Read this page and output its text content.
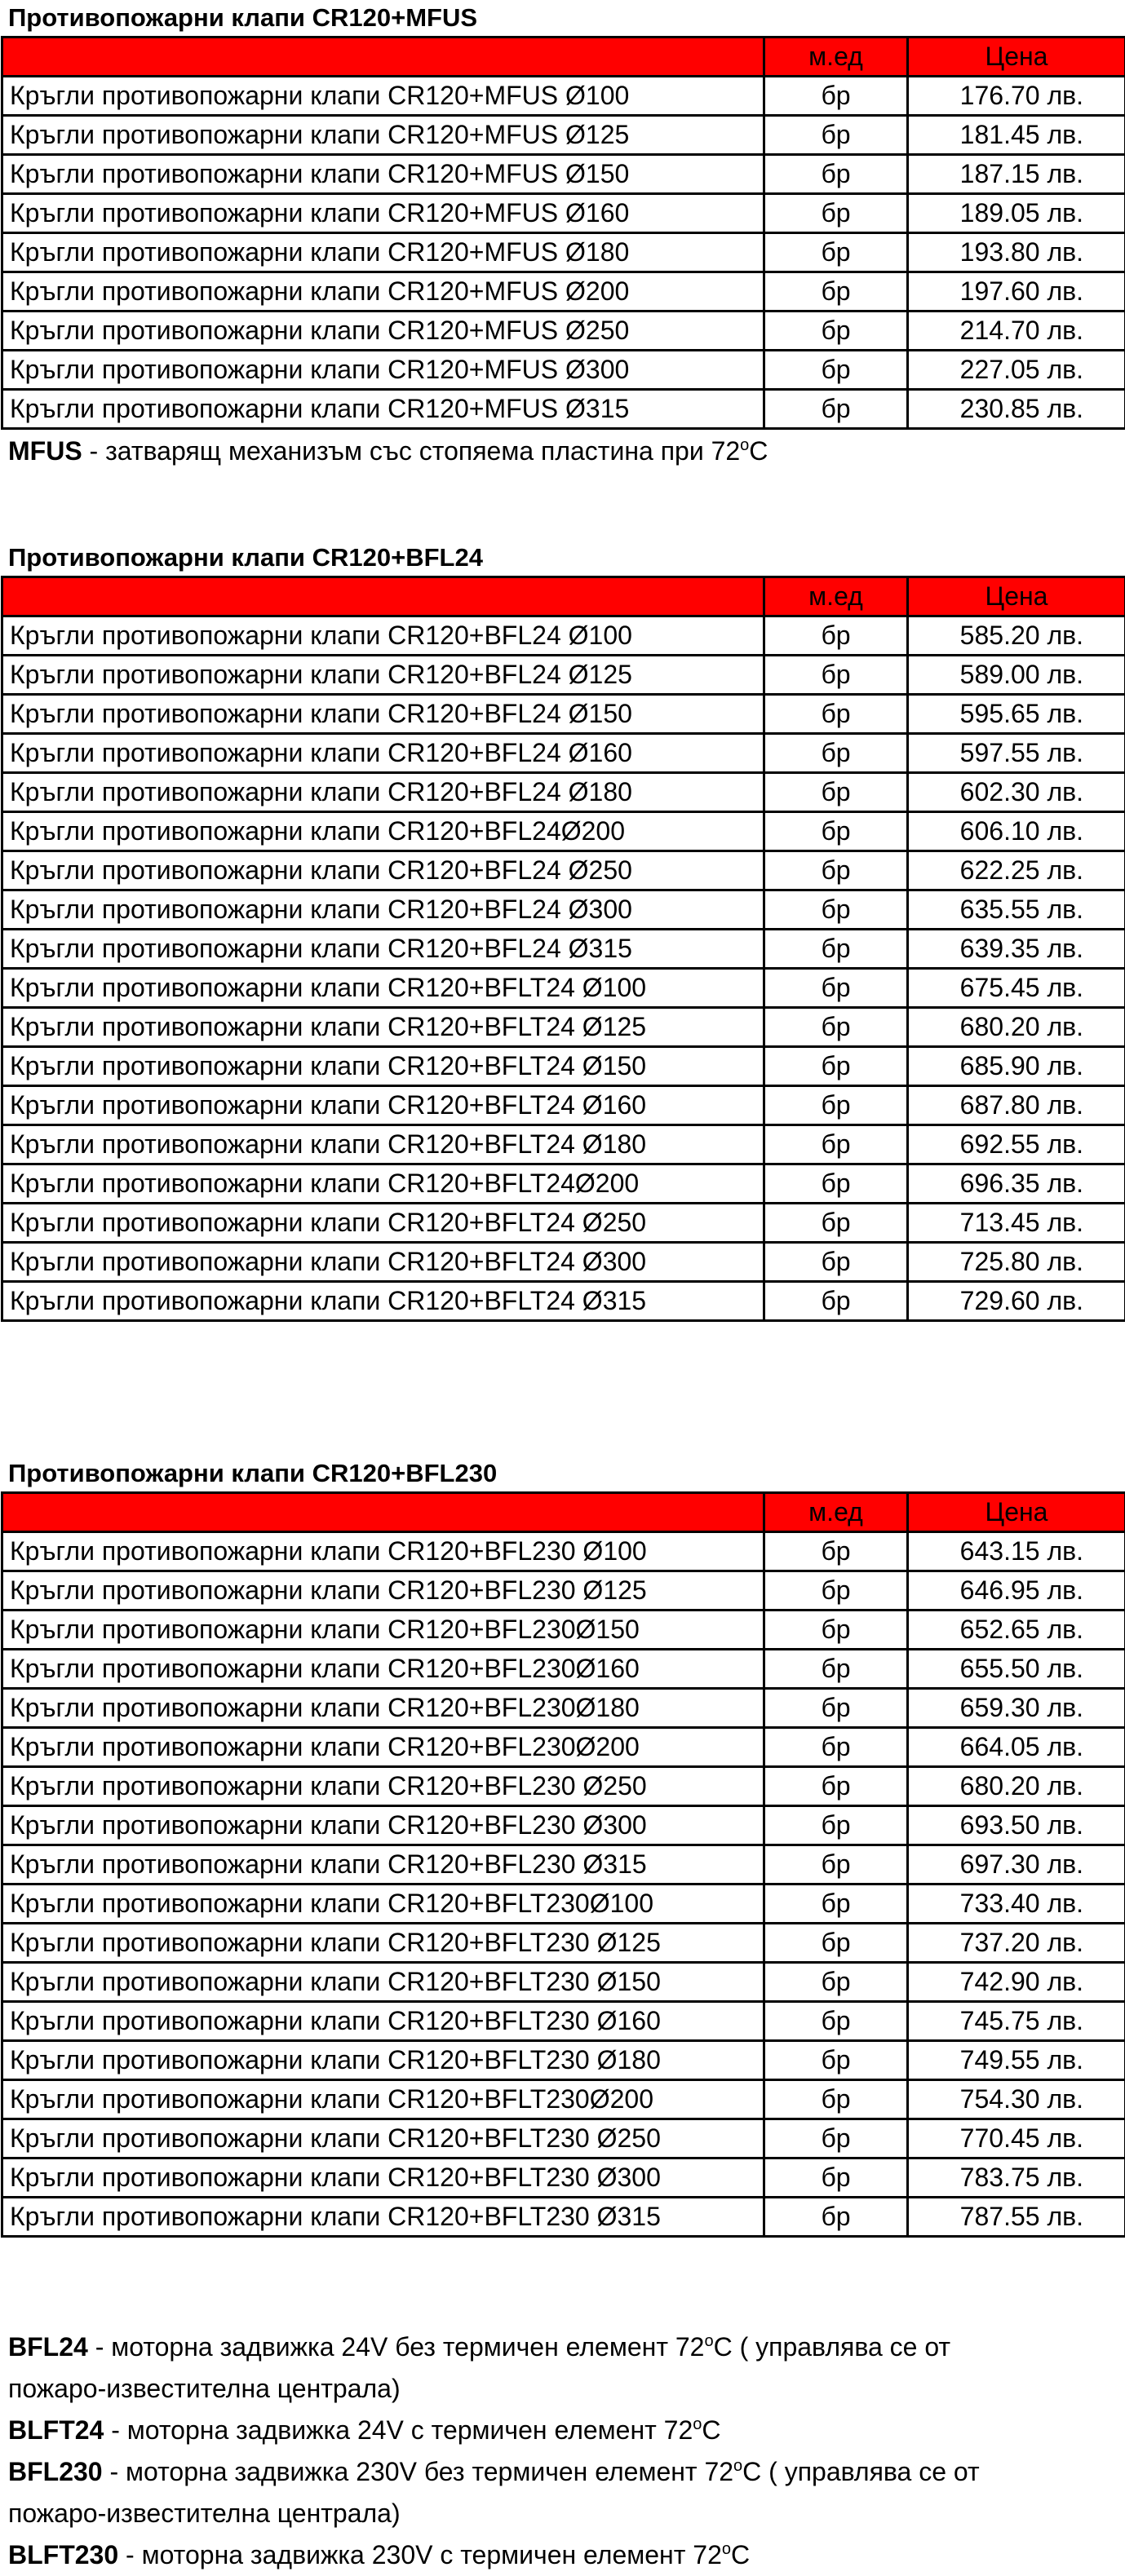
Противопожарни клапи CR120+MFUS
	м.ед	Цена
Кръгли противопожарни клапи CR120+MFUS Ø100	бр	176.70 лв.
Кръгли противопожарни клапи CR120+MFUS Ø125	бр	181.45 лв.
Кръгли противопожарни клапи CR120+MFUS Ø150	бр	187.15 лв.
Кръгли противопожарни клапи CR120+MFUS Ø160	бр	189.05 лв.
Кръгли противопожарни клапи CR120+MFUS Ø180	бр	193.80 лв.
Кръгли противопожарни клапи CR120+MFUS Ø200	бр	197.60 лв.
Кръгли противопожарни клапи CR120+MFUS Ø250	бр	214.70 лв.
Кръгли противопожарни клапи CR120+MFUS Ø300	бр	227.05 лв.
Кръгли противопожарни клапи CR120+MFUS Ø315	бр	230.85 лв.
MFUS - затварящ механизъм със стопяема пластина при $72^оС$
Противопожарни клапи CR120+BFL24
	м.ед	Цена
Кръгли противопожарни клапи CR120+BFL24 Ø100	бр	585.20 лв.
Кръгли противопожарни клапи CR120+BFL24 Ø125	бр	589.00 лв.
Кръгли противопожарни клапи CR120+BFL24 Ø150	бр	595.65 лв.
Кръгли противопожарни клапи CR120+BFL24 Ø160	бр	597.55 лв.
Кръгли противопожарни клапи CR120+BFL24 Ø180	бр	602.30 лв.
Кръгли противопожарни клапи CR120+BFL24Ø200	бр	606.10 лв.
Кръгли противопожарни клапи CR120+BFL24 Ø250	бр	622.25 лв.
Кръгли противопожарни клапи CR120+BFL24 Ø300	бр	635.55 лв.
Кръгли противопожарни клапи CR120+BFL24 Ø315	бр	639.35 лв.
Кръгли противопожарни клапи CR120+BFLT24 Ø100	бр	675.45 лв.
Кръгли противопожарни клапи CR120+BFLT24 Ø125	бр	680.20 лв.
Кръгли противопожарни клапи CR120+BFLT24 Ø150	бр	685.90 лв.
Кръгли противопожарни клапи CR120+BFLT24 Ø160	бр	687.80 лв.
Кръгли противопожарни клапи CR120+BFLT24 Ø180	бр	692.55 лв.
Кръгли противопожарни клапи CR120+BFLT24Ø200	бр	696.35 лв.
Кръгли противопожарни клапи CR120+BFLT24 Ø250	бр	713.45 лв.
Кръгли противопожарни клапи CR120+BFLT24 Ø300	бр	725.80 лв.
Кръгли противопожарни клапи CR120+BFLT24 Ø315	бр	729.60 лв.
Противопожарни клапи CR120+BFL230
	м.ед	Цена
Кръгли противопожарни клапи CR120+BFL230 Ø100	бр	643.15 лв.
Кръгли противопожарни клапи CR120+BFL230 Ø125	бр	646.95 лв.
Кръгли противопожарни клапи CR120+BFL230Ø150	бр	652.65 лв.
Кръгли противопожарни клапи CR120+BFL230Ø160	бр	655.50 лв.
Кръгли противопожарни клапи CR120+BFL230Ø180	бр	659.30 лв.
Кръгли противопожарни клапи CR120+BFL230Ø200	бр	664.05 лв.
Кръгли противопожарни клапи CR120+BFL230 Ø250	бр	680.20 лв.
Кръгли противопожарни клапи CR120+BFL230 Ø300	бр	693.50 лв.
Кръгли противопожарни клапи CR120+BFL230 Ø315	бр	697.30 лв.
Кръгли противопожарни клапи CR120+BFLT230Ø100	бр	733.40 лв.
Кръгли противопожарни клапи CR120+BFLT230 Ø125	бр	737.20 лв.
Кръгли противопожарни клапи CR120+BFLT230 Ø150	бр	742.90 лв.
Кръгли противопожарни клапи CR120+BFLT230 Ø160	бр	745.75 лв.
Кръгли противопожарни клапи CR120+BFLT230 Ø180	бр	749.55 лв.
Кръгли противопожарни клапи CR120+BFLT230Ø200	бр	754.30 лв.
Кръгли противопожарни клапи CR120+BFLT230 Ø250	бр	770.45 лв.
Кръгли противопожарни клапи CR120+BFLT230 Ø300	бр	783.75 лв.
Кръгли противопожарни клапи CR120+BFLT230 Ø315	бр	787.55 лв.
BFL24 - моторна задвижка 24V без термичен елемент $72^оС$ ( управлява се от
пожаро-известителна централа)
BLFT24 - моторна задвижка 24V с термичен елемент $72^оС$
BFL230 - моторна задвижка 230V без термичен елемент $72^оС$ ( управлява се от
пожаро-известителна централа)
BLFT230 - моторна задвижка 230V с термичен елемент $72^оС$
